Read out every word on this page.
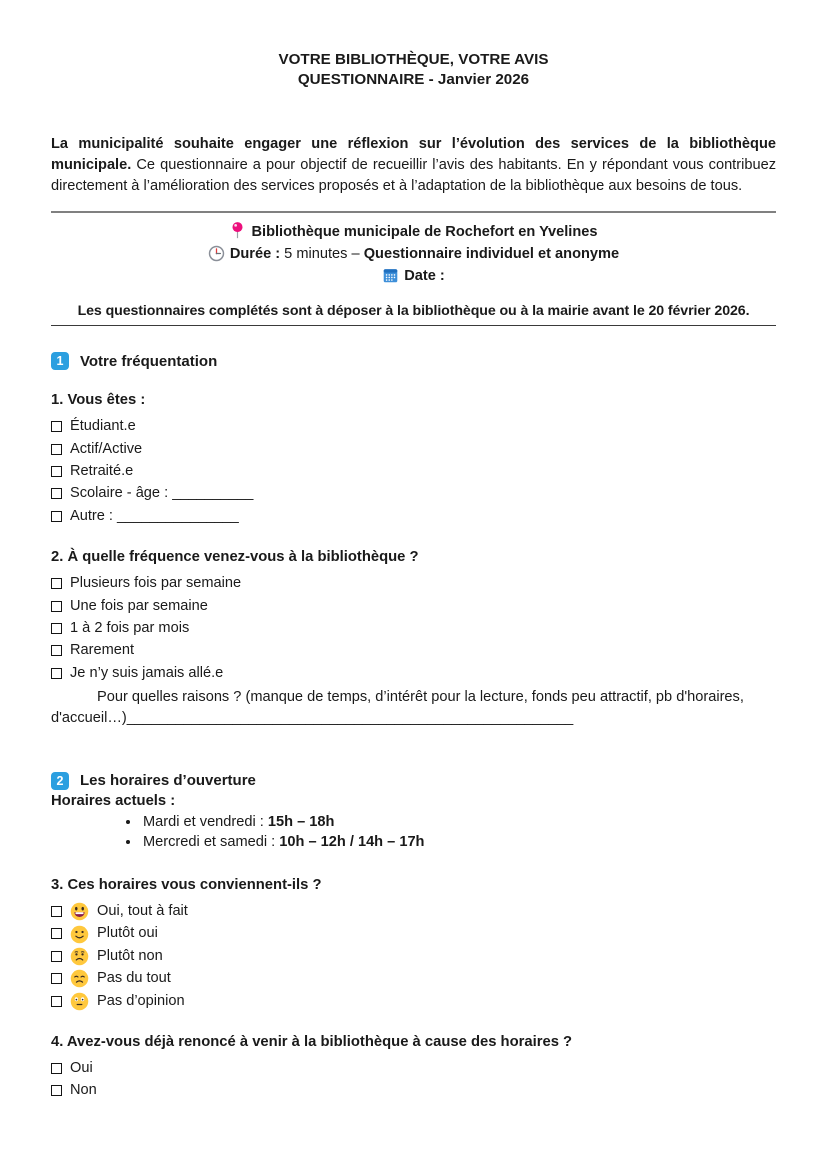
VOTRE BIBLIOTHÈQUE, VOTRE AVIS
QUESTIONNAIRE - Janvier 2026

La municipalité souhaite engager une réflexion sur l’évolution des services de la bibliothèque municipale. Ce questionnaire a pour objectif de recueillir l’avis des habitants. En y répondant vous contribuez directement à l’amélioration des services proposés et à l’adaptation de la bibliothèque aux besoins de tous.

Bibliothèque municipale de Rochefort en Yvelines
Durée : 5 minutes – Questionnaire individuel et anonyme
Date :
Les questionnaires complétés sont à déposer à la bibliothèque ou à la mairie avant le 20 février 2026.
1	Votre fréquentation
1. Vous êtes :
Étudiant.e
Actif/Active
Retraité.e
Scolaire - âge : __________
Autre : _______________
2. À quelle fréquence venez-vous à la bibliothèque ?
Plusieurs fois par semaine
Une fois par semaine
1 à 2 fois par mois
Rarement
Je n’y suis jamais allé.e

Pour quelles raisons ? (manque de temps, d’intérêt pour la lecture, fonds peu attractif, pb d'horaires, d'accueil…)_______________________________________________________

2	Les horaires d’ouverture
Horaires actuels :
• Mardi et vendredi : 15h – 18h
• Mercredi et samedi : 10h – 12h / 14h – 17h
3. Ces horaires vous conviennent-ils ?
Oui, tout à fait
Plutôt oui
Plutôt non
Pas du tout
Pas d’opinion
4. Avez-vous déjà renoncé à venir à la bibliothèque à cause des horaires ?
Oui
Non
